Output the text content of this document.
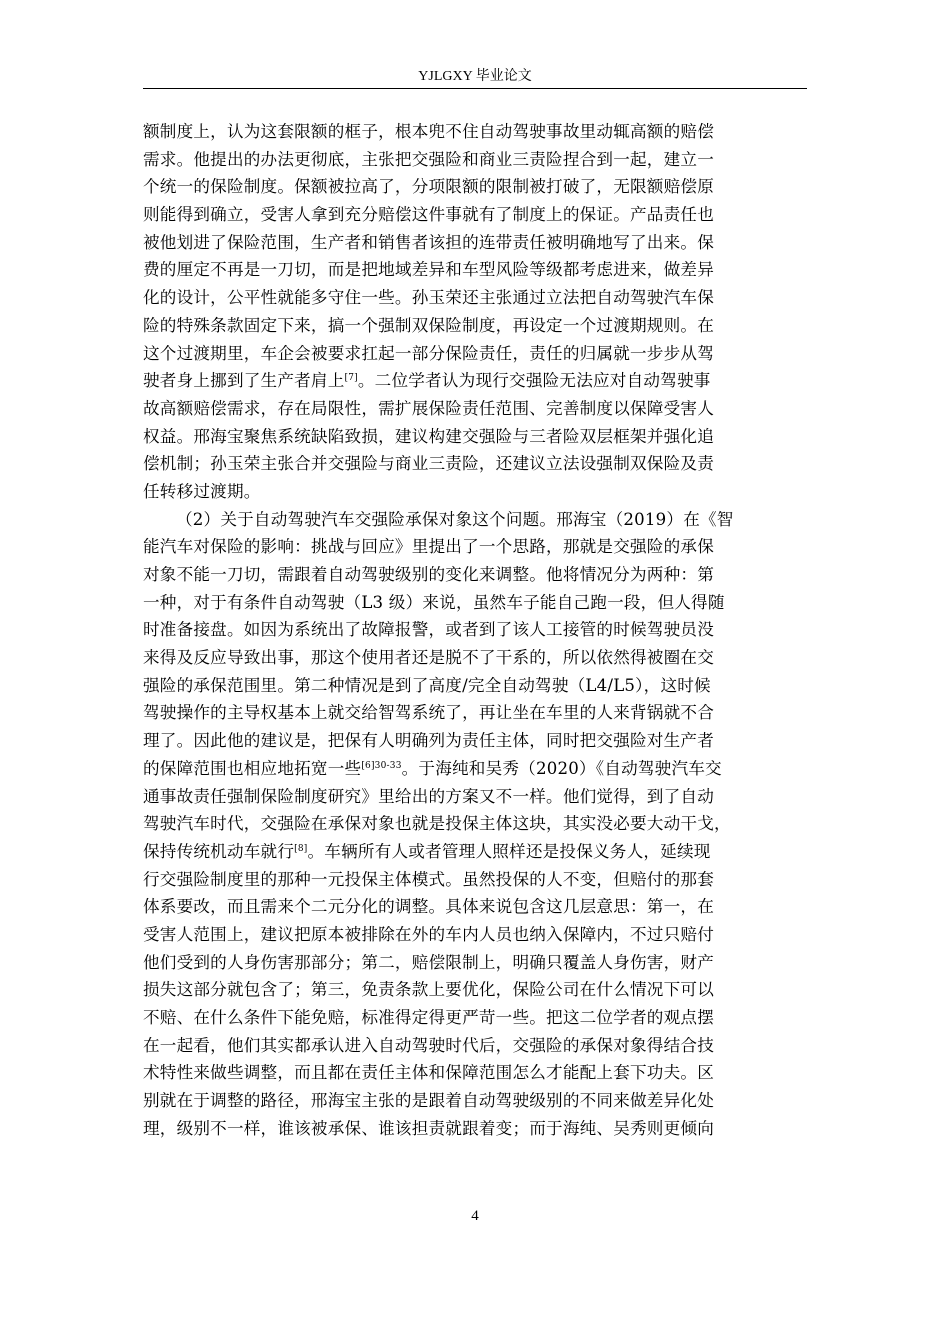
YJLGXY 毕业论文
额制度上，认为这套限额的框子，根本兜不住自动驾驶事故里动辄高额的赔偿
需求。他提出的办法更彻底，主张把交强险和商业三责险捏合到一起，建立一
个统一的保险制度。保额被拉高了，分项限额的限制被打破了，无限额赔偿原
则能得到确立，受害人拿到充分赔偿这件事就有了制度上的保证。产品责任也
被他划进了保险范围，生产者和销售者该担的连带责任被明确地写了出来。保
费的厘定不再是一刀切，而是把地域差异和车型风险等级都考虑进来，做差异
化的设计，公平性就能多守住一些。孙玉荣还主张通过立法把自动驾驶汽车保
险的特殊条款固定下来，搞一个强制双保险制度，再设定一个过渡期规则。在
这个过渡期里，车企会被要求扛起一部分保险责任，责任的归属就一步步从驾
驶者身上挪到了生产者肩上[7]。二位学者认为现行交强险无法应对自动驾驶事
故高额赔偿需求，存在局限性，需扩展保险责任范围、完善制度以保障受害人
权益。邢海宝聚焦系统缺陷致损，建议构建交强险与三者险双层框架并强化追
偿机制；孙玉荣主张合并交强险与商业三责险，还建议立法设强制双保险及责
任转移过渡期。
（2）关于自动驾驶汽车交强险承保对象这个问题。邢海宝（2019）在《智
能汽车对保险的影响：挑战与回应》里提出了一个思路，那就是交强险的承保
对象不能一刀切，需跟着自动驾驶级别的变化来调整。他将情况分为两种：第
一种，对于有条件自动驾驶（L3 级）来说，虽然车子能自己跑一段，但人得随
时准备接盘。如因为系统出了故障报警，或者到了该人工接管的时候驾驶员没
来得及反应导致出事，那这个使用者还是脱不了干系的，所以依然得被圈在交
强险的承保范围里。第二种情况是到了高度/完全自动驾驶（L4/L5），这时候
驾驶操作的主导权基本上就交给智驾系统了，再让坐在车里的人来背锅就不合
理了。因此他的建议是，把保有人明确列为责任主体，同时把交强险对生产者
的保障范围也相应地拓宽一些$^{[6]30-33}$。于海纯和吴秀（2020）《自动驾驶汽车交
通事故责任强制保险制度研究》里给出的方案又不一样。他们觉得，到了自动
驾驶汽车时代，交强险在承保对象也就是投保主体这块，其实没必要大动干戈，
保持传统机动车就行[8]。车辆所有人或者管理人照样还是投保义务人，延续现
行交强险制度里的那种一元投保主体模式。虽然投保的人不变，但赔付的那套
体系要改，而且需来个二元分化的调整。具体来说包含这几层意思：第一，在
受害人范围上，建议把原本被排除在外的车内人员也纳入保障内，不过只赔付
他们受到的人身伤害那部分；第二，赔偿限制上，明确只覆盖人身伤害，财产
损失这部分就包含了；第三，免责条款上要优化，保险公司在什么情况下可以
不赔、在什么条件下能免赔，标准得定得更严苛一些。把这二位学者的观点摆
在一起看，他们其实都承认进入自动驾驶时代后，交强险的承保对象得结合技
术特性来做些调整，而且都在责任主体和保障范围怎么才能配上套下功夫。区
别就在于调整的路径，邢海宝主张的是跟着自动驾驶级别的不同来做差异化处
理，级别不一样，谁该被承保、谁该担责就跟着变；而于海纯、吴秀则更倾向
4
